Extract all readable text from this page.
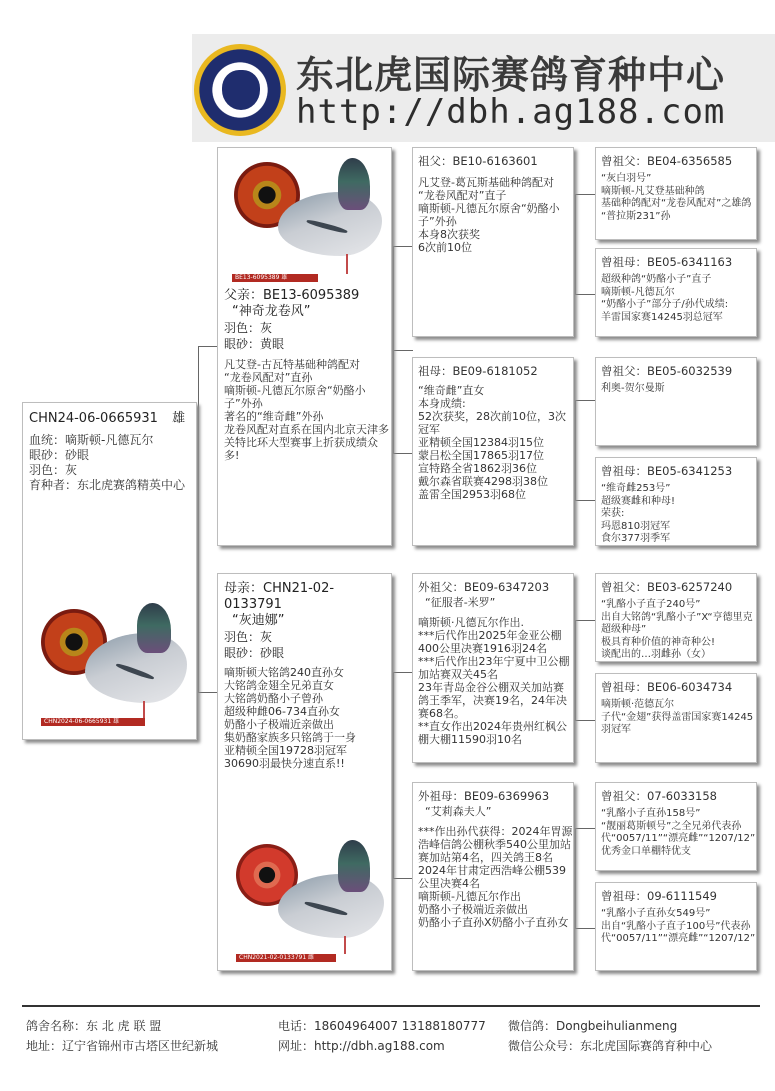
东北虎国际赛鸽育种中心
http://dbh.ag188.com
CHN24-06-0665931 雄
血统：嘀斯顿-凡德瓦尔
眼砂：砂眼
羽色：灰
育种者：东北虎赛鸽精英中心
CHN2024-06-0665931 雄
BE13-6095389 雄
父亲：BE13-6095389
“神奇龙卷风”
羽色：灰
眼砂：黄眼
凡艾登-古瓦特基础种鸽配对
“龙卷风配对”直孙
嘀斯顿-凡德瓦尔原舍“奶酪小子”外孙
著名的“维奇雌”外孙
龙卷风配对直系在国内北京天津多关特比环大型赛事上折获成绩众多!
母亲：CHN21-02-0133791
“灰迪娜”
羽色：灰
眼砂：砂眼
嘀斯顿大铭鸽240直孙女
大铭鸽金翅全兄弟直女
大铭鸽奶酪小子曾孙
超级种雌06-734直孙女
奶酪小子极端近亲做出
集奶酪家族多只铭鸽于一身
亚精顿全国19728羽冠军
30690羽最快分速直系!!
CHN2021-02-0133791 雌
祖父：BE10-6163601
凡艾登-葛瓦斯基础种鸽配对
“龙卷风配对”直子
嘀斯顿-凡德瓦尔原舍“奶酪小子”外孙
本身8次获奖
6次前10位
祖母：BE09-6181052
“维奇雌”直女
本身成绩:
52次获奖，28次前10位，3次冠军
亚精顿全国12384羽15位
蒙吕松全国17865羽17位
宣特路全省1862羽36位
戴尔森省联赛4298羽38位
盖雷全国2953羽68位
外祖父：BE09-6347203
“征服者-米罗”
嘀斯顿·凡德瓦尔作出.
***后代作出2025年金亚公棚400公里决赛1916羽24名
***后代作出23年宁夏中卫公棚加站赛双关45名
23年青岛金谷公棚双关加站赛鸽王季军，决赛19名，24年决赛68名。
**直女作出2024年贵州红枫公棚大棚11590羽10名
外祖母：BE09-6369963
“艾莉森夫人”
***作出孙代获得：2024年胃源浩峰信鸽公棚秋季540公里加站赛加站第4名，四关鸽王8名
2024年甘肃定西浩峰公棚539公里决赛4名
嘀斯顿-凡德瓦尔作出
奶酪小子极端近亲做出
奶酪小子直孙X奶酪小子直孙女
曾祖父：BE04-6356585
“灰白羽号”
嘀斯顿-凡艾登基础种鸽
基础种鸽配对“龙卷风配对”之雄鸽
“普拉斯231”孙
曾祖母：BE05-6341163
超级种鸽“奶酪小子”直子
嘀斯顿-凡德瓦尔
“奶酪小子”部分子/孙代成绩:
羊雷国家赛14245羽总冠军
曾祖父：BE05-6032539
利奥-贺尔曼斯
曾祖母：BE05-6341253
“维奇雌253号”
超级赛雌和种母!
荣获:
玛恩810羽冠军
食尔377羽季军
曾祖父：BE03-6257240
“乳酪小子直子240号”
出自大铭鸽“乳酪小子”X“亨德里克超级种母”
极具育种价值的神奇种公!
谈配出的…羽雌孙（女）
曾祖母：BE06-6034734
嘀斯顿·范德瓦尔
子代“金翅”获得盖雷国家赛14245羽冠军
曾祖父：07-6033158
“乳酪小子直孙158号”
“靓丽葛斯顿号”之全兄弟代表孙代“0057/11”“漂亮雌”“1207/12”
优秀金口单棚特优支
曾祖母：09-6111549
“乳酪小子直孙女549号”
出自“乳酪小子直子100号”代表孙代“0057/11”“漂亮雌”“1207/12”
鸽舍名称：东 北 虎 联 盟	电话：18604964007 13188180777 微信鸽：Dongbeihulianmeng
地址：辽宁省锦州市古塔区世纪新城	网址：http://dbh.ag188.com	微信公众号：东北虎国际赛鸽育种中心
